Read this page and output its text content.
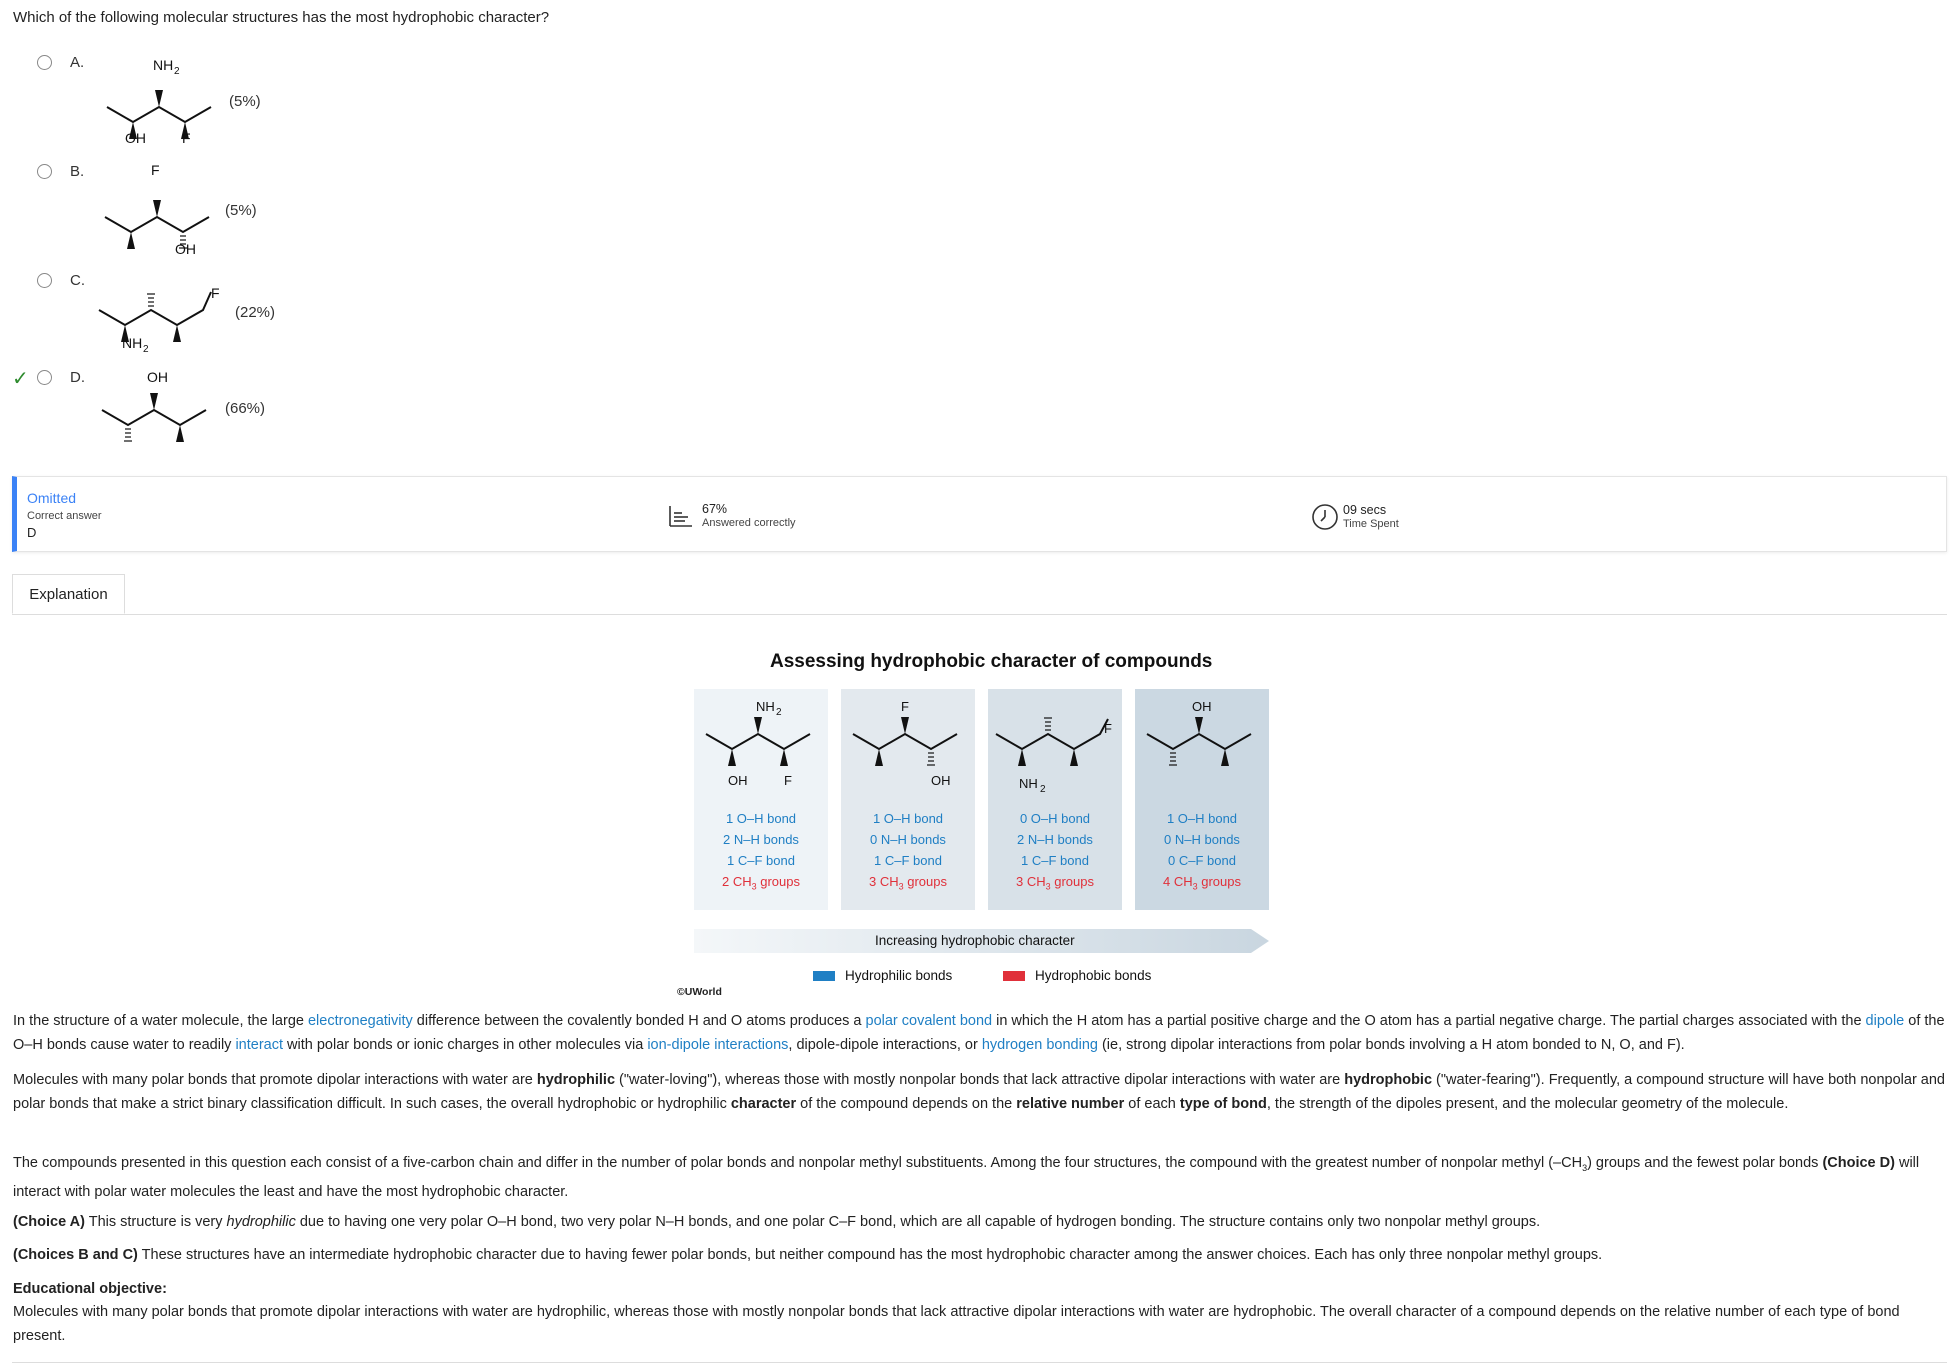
Which of the following molecular structures has the most hydrophobic character?
A.	NH 2
OH	F
(5%)
B.	F
OH
(5%)
C.
F
NH 2
(22%)
✓	D.	OH
(66%)
Omitted
Correct answer
D
67%
Answered correctly
09 secs
Time Spent
Explanation
Assessing hydrophobic character of compounds
NH 2
OH	F
1 O–H bond
2 N–H bonds
1 C–F bond
2 $CH_3$ groups
F
OH
1 O–H bond
0 N–H bonds
1 C–F bond
3 $CH_3$ groups
F
NH 2
0 O–H bond
2 N–H bonds
1 C–F bond
3 $CH_3$ groups
OH
1 O–H bond
0 N–H bonds
0 C–F bond
4 $CH_3$ groups
Increasing hydrophobic character
Hydrophilic bonds	Hydrophobic bonds
©UWorld
In the structure of a water molecule, the large electronegativity difference between the covalently bonded H and O atoms produces a polar covalent bond in which the H atom has a partial positive charge and the O atom has a partial negative charge. The partial charges associated with the dipole of the O–H bonds cause water to readily interact with polar bonds or ionic charges in other molecules via ion-dipole interactions, dipole-dipole interactions, or hydrogen bonding (ie, strong dipolar interactions from polar bonds involving a H atom bonded to N, O, and F).
Molecules with many polar bonds that promote dipolar interactions with water are hydrophilic ("water-loving"), whereas those with mostly nonpolar bonds that lack attractive dipolar interactions with water are hydrophobic ("water-fearing"). Frequently, a compound structure will have both nonpolar and polar bonds that make a strict binary classification difficult. In such cases, the overall hydrophobic or hydrophilic character of the compound depends on the relative number of each type of bond, the strength of the dipoles present, and the molecular geometry of the molecule.
The compounds presented in this question each consist of a five-carbon chain and differ in the number of polar bonds and nonpolar methyl substituents. Among the four structures, the compound with the greatest number of nonpolar methyl $(-CH_3)$ groups and the fewest polar bonds (Choice D) will interact with polar water molecules the least and have the most hydrophobic character.
(Choice A) This structure is very hydrophilic due to having one very polar O–H bond, two very polar N–H bonds, and one polar C–F bond, which are all capable of hydrogen bonding. The structure contains only two nonpolar methyl groups.
(Choices B and C) These structures have an intermediate hydrophobic character due to having fewer polar bonds, but neither compound has the most hydrophobic character among the answer choices. Each has only three nonpolar methyl groups.
Educational objective:
Molecules with many polar bonds that promote dipolar interactions with water are hydrophilic, whereas those with mostly nonpolar bonds that lack attractive dipolar interactions with water are hydrophobic. The overall character of a compound depends on the relative number of each type of bond present.
